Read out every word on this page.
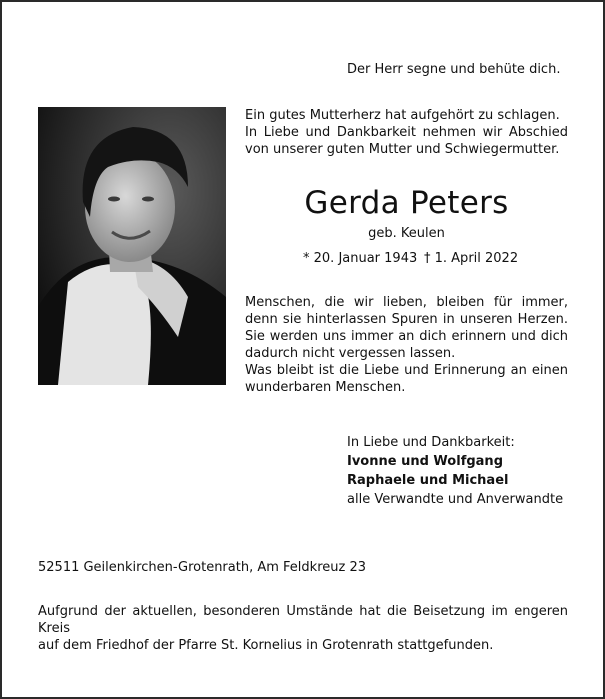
Der Herr segne und behüte dich.
Ein gutes Mutterherz hat aufgehört zu schlagen.
In Liebe und Dankbarkeit nehmen wir Abschied
von unserer guten Mutter und Schwiegermutter.
Gerda Peters
geb. Keulen
* 20. Januar 1943 † 1. April 2022
Menschen, die wir lieben, bleiben für immer,
denn sie hinterlassen Spuren in unseren Herzen.
Sie werden uns immer an dich erinnern und dich
dadurch nicht vergessen lassen.
Was bleibt ist die Liebe und Erinnerung an einen
wunderbaren Menschen.
In Liebe und Dankbarkeit:
Ivonne und Wolfgang
Raphaele und Michael
alle Verwandte und Anverwandte
52511 Geilenkirchen-Grotenrath, Am Feldkreuz 23
Aufgrund der aktuellen, besonderen Umstände hat die Beisetzung im engeren Kreis
auf dem Friedhof der Pfarre St. Kornelius in Grotenrath stattgefunden.
